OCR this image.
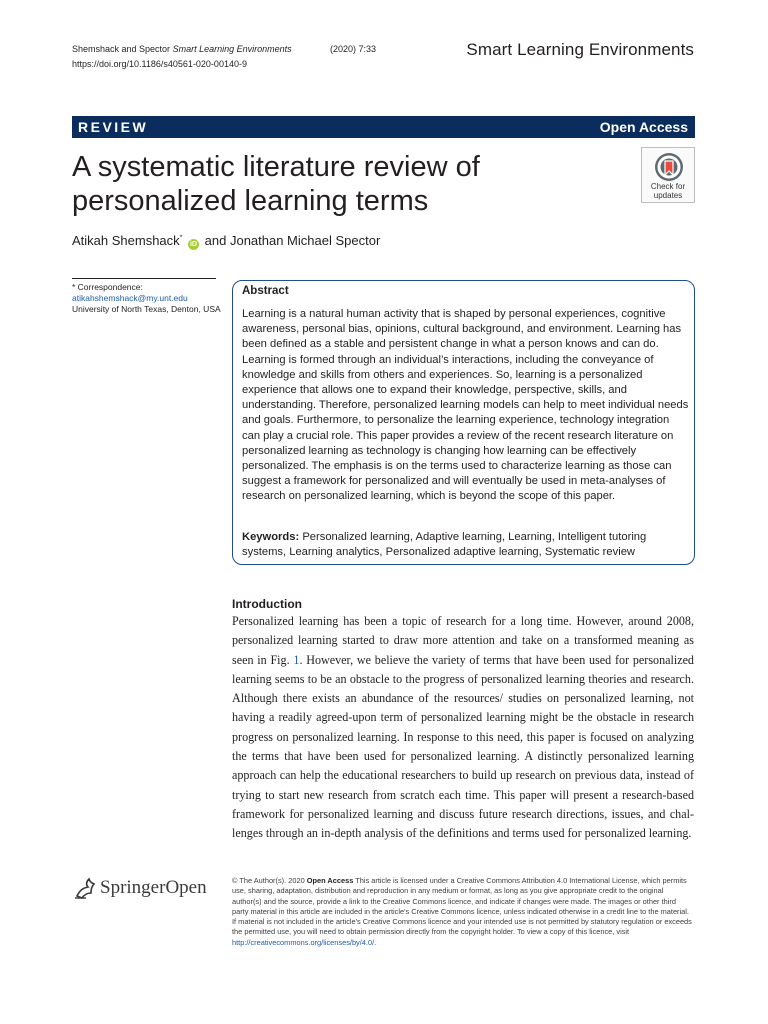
Shemshack and Spector Smart Learning Environments
https://doi.org/10.1186/s40561-020-00140-9
(2020) 7:33	Smart Learning Environments
REVIEW	Open Access
A systematic literature review of personalized learning terms	Check for
updates
Atikah Shemshack* iD and Jonathan Michael Spector
* Correspondence:
atikahshemshack@my.unt.edu
University of North Texas, Denton, USA
Abstract
Learning is a natural human activity that is shaped by personal experiences, cognitive awareness, personal bias, opinions, cultural background, and environment. Learning has been defined as a stable and persistent change in what a person knows and can do. Learning is formed through an individual’s interactions, including the conveyance of knowledge and skills from others and experiences. So, learning is a personalized experience that allows one to expand their knowledge, perspective, skills, and understanding. Therefore, personalized learning models can help to meet individual needs and goals. Furthermore, to personalize the learning experience, technology integration can play a crucial role. This paper provides a review of the recent research literature on personalized learning as technology is changing how learning can be effectively personalized. The emphasis is on the terms used to characterize learning as those can suggest a framework for personalized and will eventually be used in meta-analyses of research on personalized learning, which is beyond the scope of this paper.
Keywords: Personalized learning, Adaptive learning, Learning, Intelligent tutoring systems, Learning analytics, Personalized adaptive learning, Systematic review
Introduction
Personalized learning has been a topic of research for a long time. However, around 2008, personalized learning started to draw more attention and take on a transformed meaning as seen in Fig. 1. However, we believe the variety of terms that have been used for personalized learning seems to be an obstacle to the progress of personalized learning theories and research. Although there exists an abundance of the resources/ studies on personalized learning, not having a readily agreed-upon term of personalized learning might be the obstacle in research progress on personalized learning. In response to this need, this paper is focused on analyzing the terms that have been used for personalized learning. A distinctly personalized learning approach can help the educational researchers to build up research on previous data, instead of trying to start new research from scratch each time. This paper will present a research-based framework for personalized learning and discuss future research directions, issues, and challenges through an in-depth analysis of the definitions and terms used for personalized learning.
SpringerOpen	© The Author(s). 2020 Open Access This article is licensed under a Creative Commons Attribution 4.0 International License, which permits use, sharing, adaptation, distribution and reproduction in any medium or format, as long as you give appropriate credit to the original author(s) and the source, provide a link to the Creative Commons licence, and indicate if changes were made. The images or other third party material in this article are included in the article's Creative Commons licence, unless indicated otherwise in a credit line to the material. If material is not included in the article's Creative Commons licence and your intended use is not permitted by statutory regulation or exceeds the permitted use, you will need to obtain permission directly from the copyright holder. To view a copy of this licence, visit http://creativecommons.org/licenses/by/4.0/.
